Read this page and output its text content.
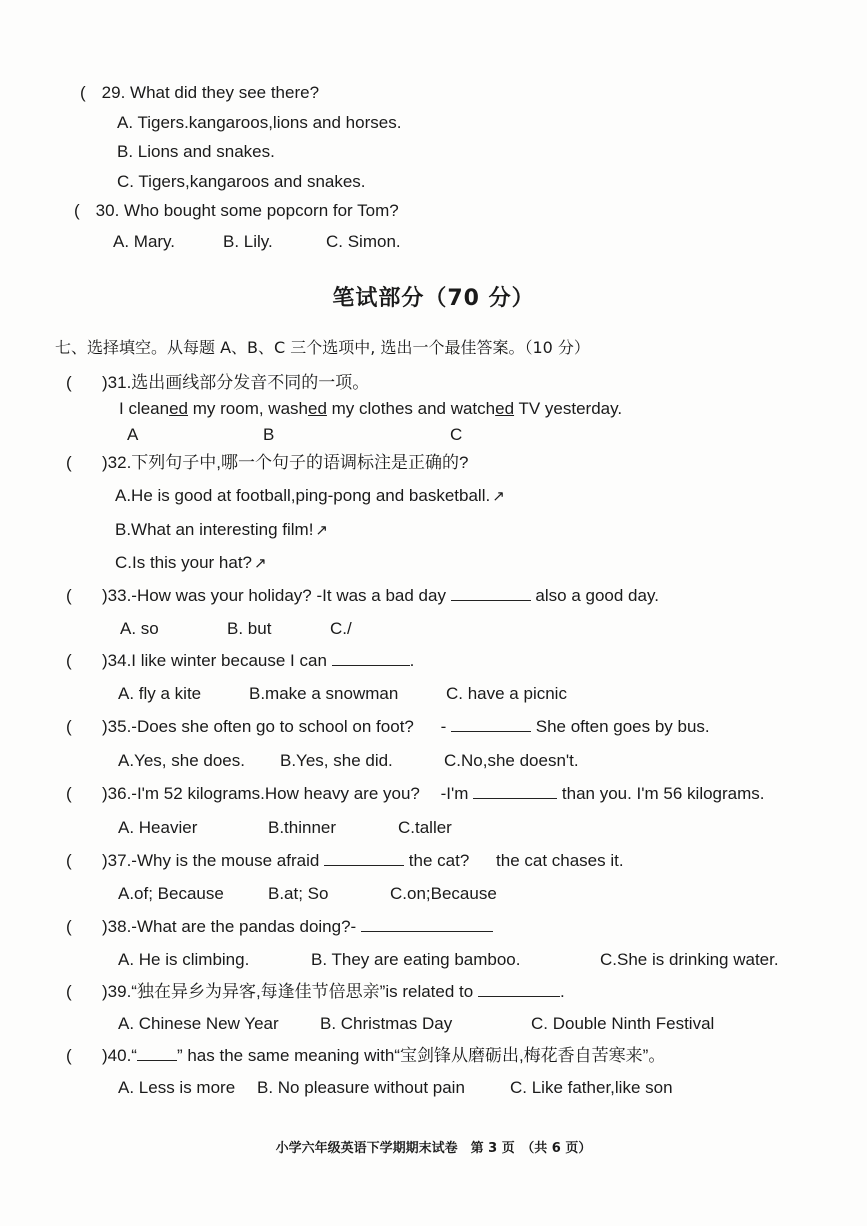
( 29. What did they see there?
A. Tigers.kangaroos,lions and horses.
B. Lions and snakes.
C. Tigers,kangaroos and snakes.
( 30. Who bought some popcorn for Tom?
A. Mary.	B. Lily.	C. Simon.
笔试部分（70 分）
七、选择填空。从每题 A、B、C 三个选项中, 选出一个最佳答案。（10 分）
( )31.选出画线部分发音不同的一项。
I cleaned my room, washed my clothes and watched TV yesterday.
A	B	C
( )32.下列句子中,哪一个句子的语调标注是正确的?
A.He is good at football,ping-pong and basketball. ↗
B.What an interesting film! ↗
C.Is this your hat? ↗
( )33.-How was your holiday? -It was a bad day	also a good day.
A. so	B. but	C./
( )34.I like winter because I can	.
A. fly a kite	B.make a snowman	C. have a picnic
( )35.-Does she often go to school on foot? -	She often goes by bus.
A.Yes, she does. B.Yes, she did.	C.No,she doesn't.
( )36.-I'm 52 kilograms.How heavy are you? -I'm	than you. I'm 56 kilograms.
A. Heavier	B.thinner	C.taller
( )37.-Why is the mouse afraid	the cat? the cat chases it.
A.of; Because	B.at; So	C.on;Because
( )38.-What are the pandas doing?-
A. He is climbing.	B. They are eating bamboo.	C.She is drinking water.
( )39.“独在异乡为异客,每逢佳节倍思亲”is related to	.
A. Chinese New Year B. Christmas Day	C. Double Ninth Festival
( )40.“ ” has the same meaning with“宝剑锋从磨砺出,梅花香自苦寒来”。
A. Less is more B. No pleasure without pain	C. Like father,like son
小学六年级英语下学期期末试卷　第 3 页　（共 6 页）
